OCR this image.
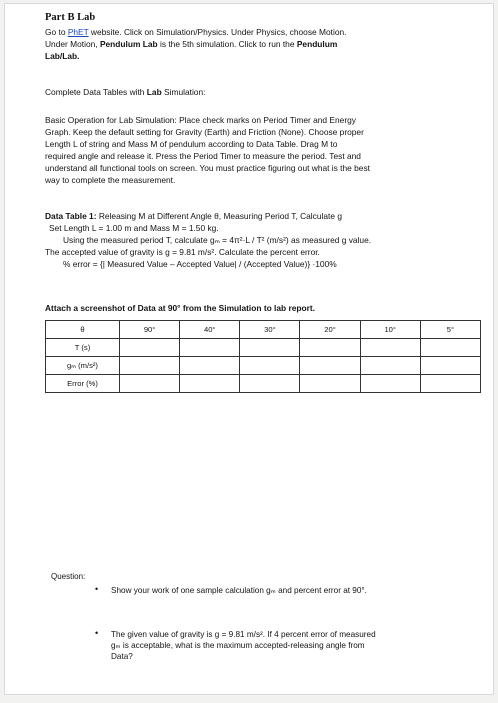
Part B Lab
Go to PhET website. Click on Simulation/Physics. Under Physics, choose Motion.
Under Motion, Pendulum Lab is the 5th simulation. Click to run the Pendulum
Lab/Lab.
Complete Data Tables with Lab Simulation:
Basic Operation for Lab Simulation: Place check marks on Period Timer and Energy
Graph. Keep the default setting for Gravity (Earth) and Friction (None). Choose proper
Length L of string and Mass M of pendulum according to Data Table. Drag M to
required angle and release it. Press the Period Timer to measure the period. Test and
understand all functional tools on screen. You must practice figuring out what is the best
way to complete the measurement.
Data Table 1: Releasing M at Different Angle θ, Measuring Period T, Calculate g
Set Length L = 1.00 m and Mass M = 1.50 kg.
Using the measured period T, calculate gₘ = 4π²·L / T² (m/s²) as measured g value.
The accepted value of gravity is g = 9.81 m/s². Calculate the percent error.
% error = {| Measured Value – Accepted Value| / (Accepted Value)} ·100%
Attach a screenshot of Data at 90° from the Simulation to lab report.
θ	90°	40°	30°	20°	10°	5°
T (s)						
gₘ (m/s²)						
Error (%)						
Question:
• Show your work of one sample calculation gₘ and percent error at 90°.
• The given value of gravity is g = 9.81 m/s². If 4 percent error of measured
gₘ is acceptable, what is the maximum accepted-releasing angle from
Data?
